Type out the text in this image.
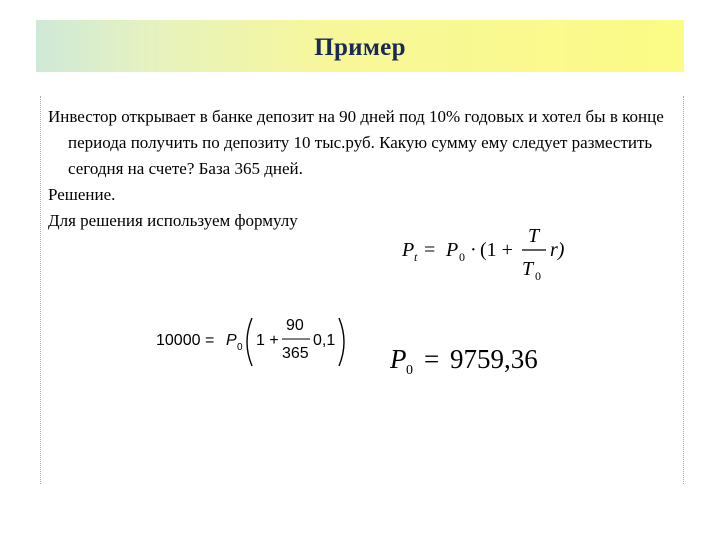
Пример

Инвестор открывает в банке депозит на 90 дней под 10% годовых и хотел бы в конце периода получить по депозиту 10 тыс.руб. Какую сумму ему следует разместить сегодня на счете? База 365 дней.

Решение.

Для решения используем формулу

P t = P 0 · (1 +
T
T 0
r)
10000 = P 0 1 +
90
365
0,1
P 0 = 9759,36
